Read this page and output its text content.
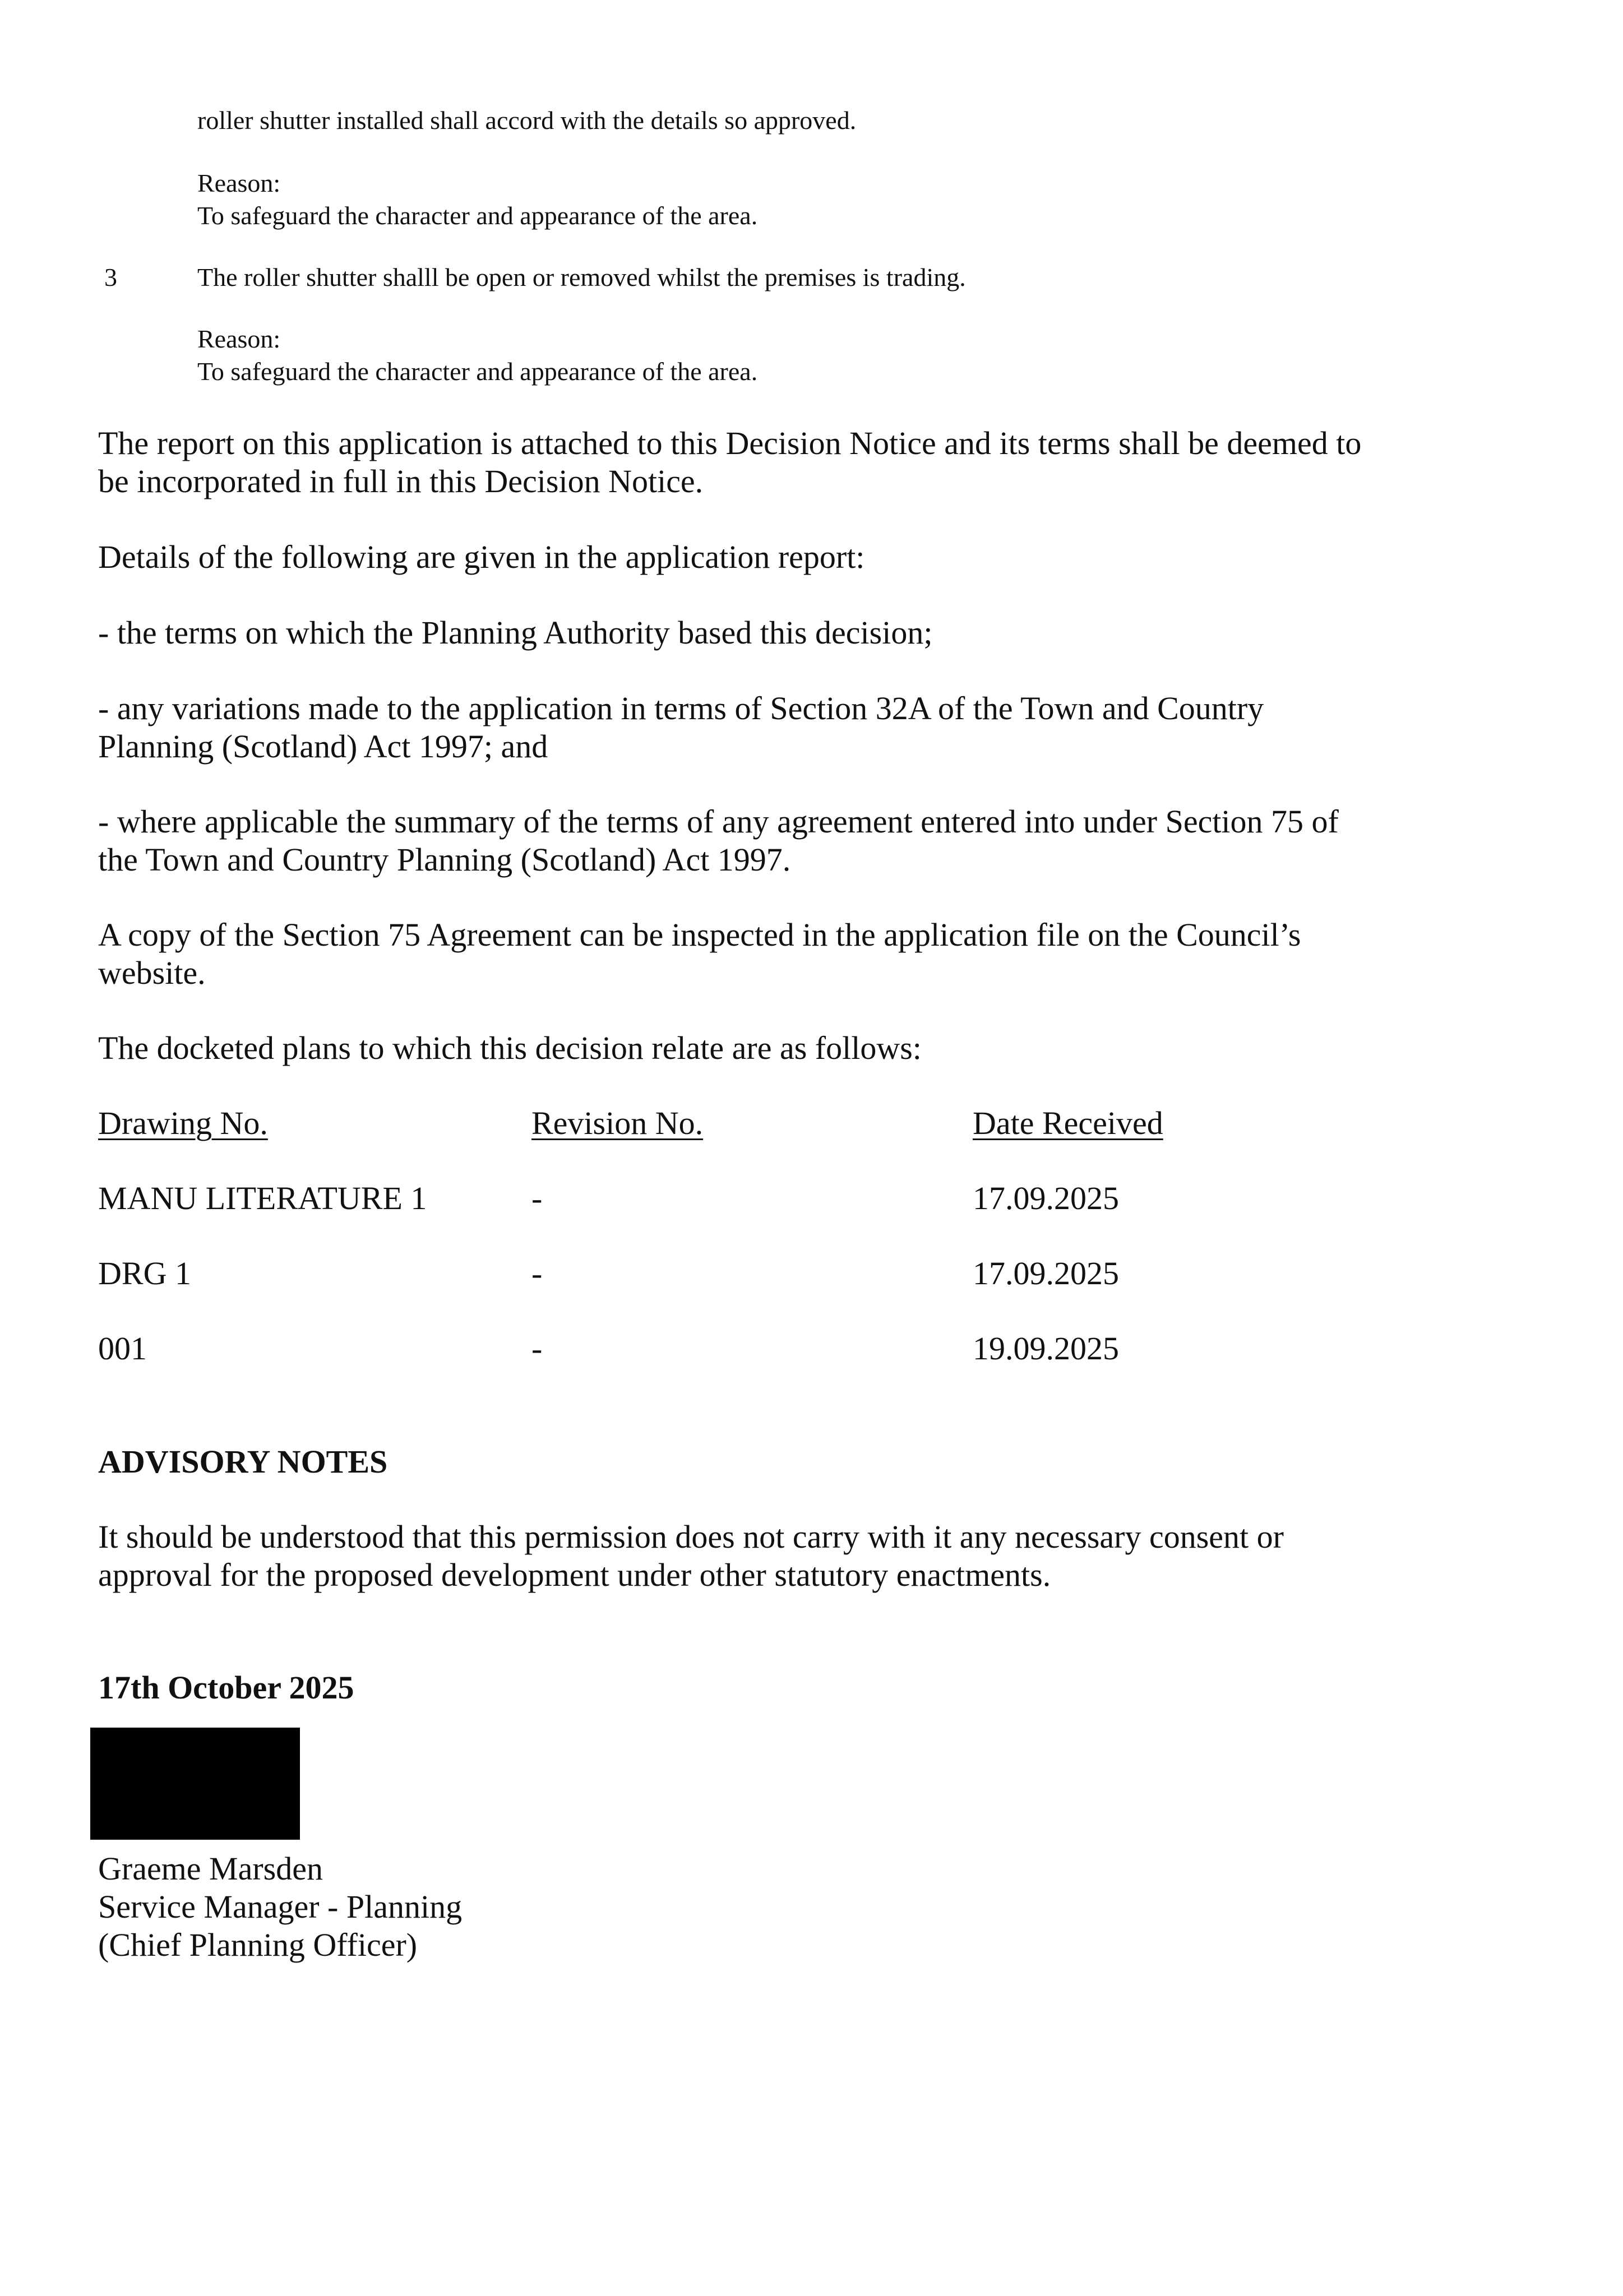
roller shutter installed shall accord with the details so approved.

Reason:

To safeguard the character and appearance of the area.

3	The roller shutter shalll be open or removed whilst the premises is trading.

Reason:

To safeguard the character and appearance of the area.

The report on this application is attached to this Decision Notice and its terms shall be deemed to

be incorporated in full in this Decision Notice.

Details of the following are given in the application report:

- the terms on which the Planning Authority based this decision;

- any variations made to the application in terms of Section 32A of the Town and Country

Planning (Scotland) Act 1997; and

- where applicable the summary of the terms of any agreement entered into under Section 75 of

the Town and Country Planning (Scotland) Act 1997.

A copy of the Section 75 Agreement can be inspected in the application file on the Council’s

website.

The docketed plans to which this decision relate are as follows:

Drawing No.	Revision No.	Date Received

MANU LITERATURE 1	-	17.09.2025

DRG 1	-	17.09.2025

001	-	19.09.2025

ADVISORY NOTES

It should be understood that this permission does not carry with it any necessary consent or

approval for the proposed development under other statutory enactments.

17th October 2025

Graeme Marsden

Service Manager - Planning

(Chief Planning Officer)
